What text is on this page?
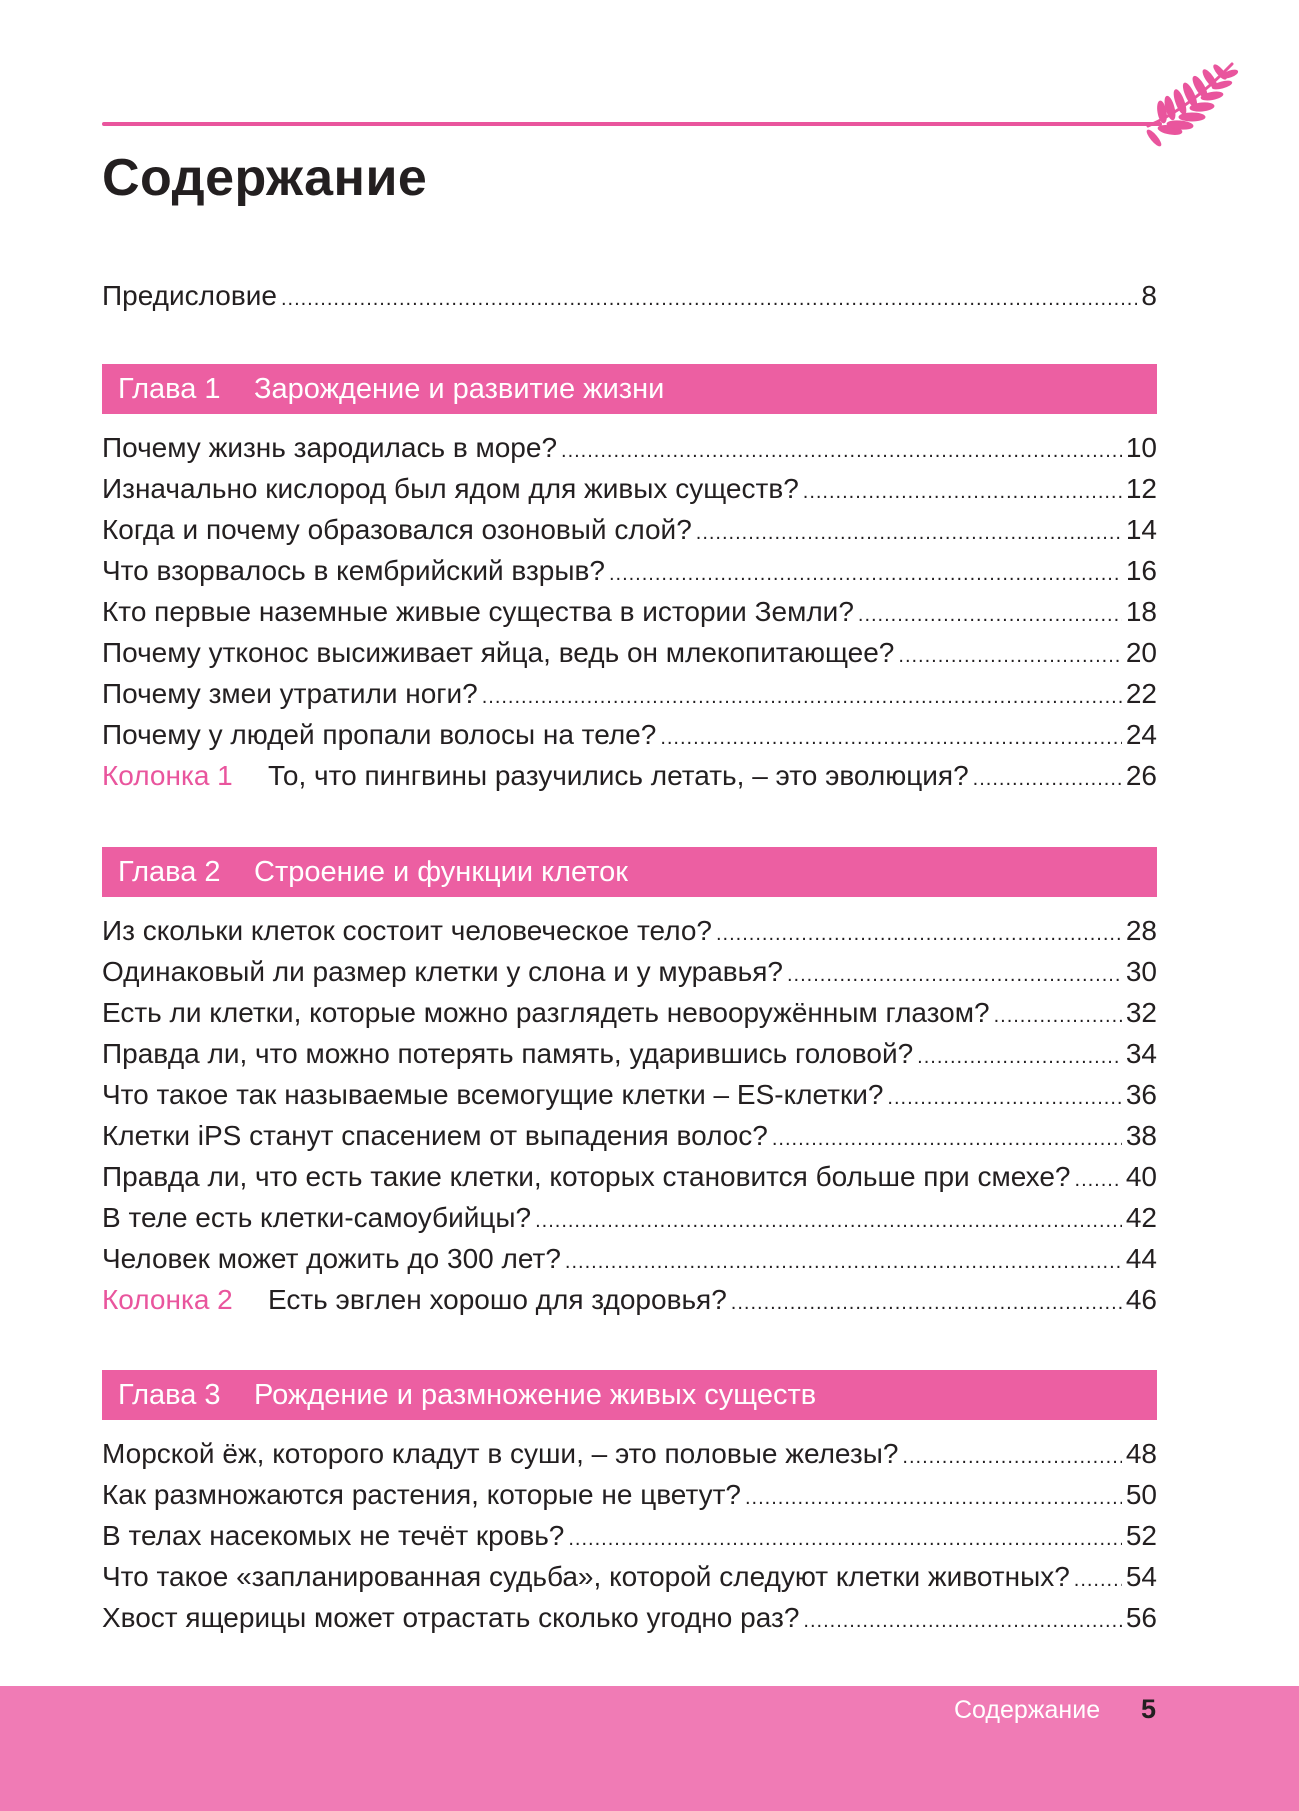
Содержание
Предисловие .....	8
Глава 1	Зарождение и развитие жизни
Почему жизнь зародилась в море? .....	10
Изначально кислород был ядом для живых существ? .....	12
Когда и почему образовался озоновый слой? .....	14
Что взорвалось в кембрийский взрыв? .....	16
Кто первые наземные живые существа в истории Земли? .....	18
Почему утконос высиживает яйца, ведь он млекопитающее? .....	20
Почему змеи утратили ноги? .....	22
Почему у людей пропали волосы на теле? .....	24
Колонка 1	То, что пингвины разучились летать, – это эволюция? .....	26
Глава 2	Строение и функции клеток
Из скольки клеток состоит человеческое тело? .....	28
Одинаковый ли размер клетки у слона и у муравья? .....	30
Есть ли клетки, которые можно разглядеть невооружённым глазом? .....	32
Правда ли, что можно потерять память, ударившись головой? .....	34
Что такое так называемые всемогущие клетки – ES-клетки? .....	36
Клетки iPS станут спасением от выпадения волос? .....	38
Правда ли, что есть такие клетки, которых становится больше при смехе? ..... 40
В теле есть клетки-самоубийцы? .....	42
Человек может дожить до 300 лет? .....	44
Колонка 2	Есть эвглен хорошо для здоровья? .....	46
Глава 3	Рождение и размножение живых существ
Морской ёж, которого кладут в суши, – это половые железы? .....	48
Как размножаются растения, которые не цветут? .....	50
В телах насекомых не течёт кровь? .....	52
Что такое «запланированная судьба», которой следуют клетки животных? ..... 54
Хвост ящерицы может отрастать сколько угодно раз? .....	56
Содержание 5
